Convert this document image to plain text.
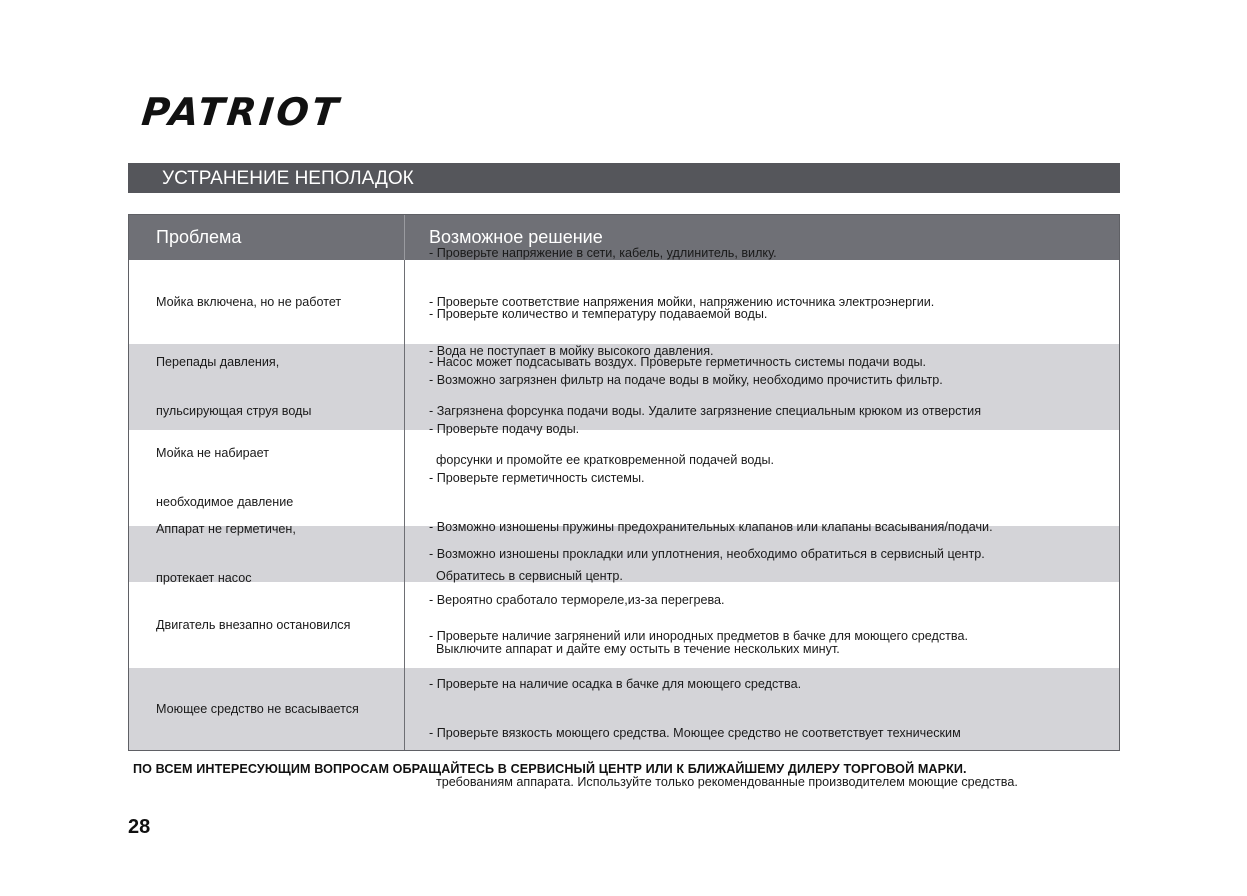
PATRIOT
УСТРАНЕНИЕ НЕПОЛАДОК
Проблема	Возможное решение

Мойка включена, но не работет

- Проверьте напряжение в сети, кабель, удлинитель, вилку.

- Проверьте соответствие напряжения мойки, напряжению источника электроэнергии.

- Вода не поступает в мойку высокого давления.

Перепады давления,

пульсирующая струя воды

- Проверьте количество и температуру подаваемой воды.

- Насос может подсасывать воздух. Проверьте герметичность системы подачи воды.

- Загрязнена форсунка подачи воды. Удалите загрязнение специальным крюком из отверстия

форсунки и промойте ее кратковременной подачей воды.

Мойка не набирает

необходимое давление

- Возможно загрязнен фильтр на подаче воды в мойку, необходимо прочистить фильтр.

- Проверьте подачу воды.

- Проверьте герметичность системы.

- Возможно изношены пружины предохранительных клапанов или клапаны всасывания/подачи.

Обратитесь в сервисный центр.

Аппарат не герметичен,

протекает насос

- Возможно изношены прокладки или уплотнения, необходимо обратиться в сервисный центр.

Двигатель внезапно остановился

- Вероятно сработало термореле,из-за перегрева.

Выключите аппарат и дайте ему остыть в течение нескольких минут.

Моющее средство не всасывается

- Проверьте наличие загрянений или инородных предметов в бачке для моющего средства.

- Проверьте на наличие осадка в бачке для моющего средства.

- Проверьте вязкость моющего средства. Моющее средство не соответствует техническим

требованиям аппарата. Используйте только рекомендованные производителем моющие средства.

ПО ВСЕМ ИНТЕРЕСУЮЩИМ ВОПРОСАМ ОБРАЩАЙТЕСЬ В СЕРВИСНЫЙ ЦЕНТР ИЛИ К БЛИЖАЙШЕМУ ДИЛЕРУ ТОРГОВОЙ МАРКИ.
28
